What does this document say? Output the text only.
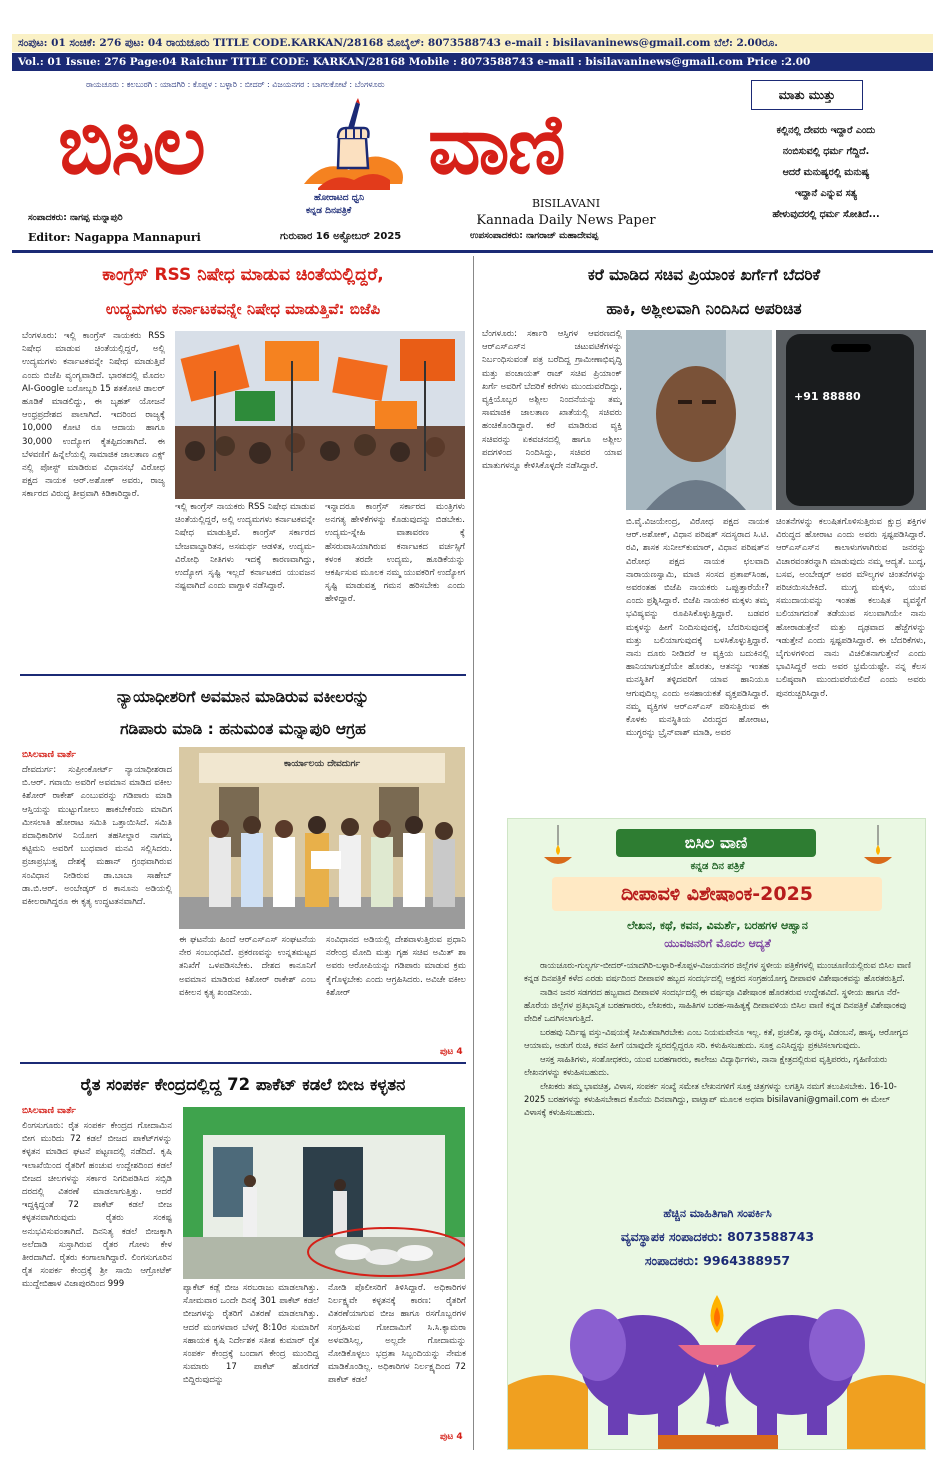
ಸಂಪುಟ: 01 ಸಂಚಿಕೆ: 276 ಪುಟ: 04 ರಾಯಚೂರು TITLE CODE.KARKAN/28168 ಮೊಬೈಲ್: 8073588743 e-mail : bisilavaninews@gmail.com ಬೆಲೆ: 2.00ರೂ.
Vol.: 01 Issue: 276 Page:04 Raichur TITLE CODE: KARKAN/28168 Mobile : 8073588743 e-mail : bisilavaninews@gmail.com Price :2.00
ರಾಯಚೂರು : ಕಲಬುರಗಿ : ಯಾದಗಿರಿ : ಕೊಪ್ಪಳ : ಬಳ್ಳಾರಿ : ಬೀದರ್ : ವಿಜಯನಗರ : ಬಾಗಲಕೋಟೆ : ಬೆಂಗಳೂರು
ಬಿಸಿಲ	ವಾಣಿ
ಹೋರಾಟದ ಧ್ವನಿ
ಕನ್ನಡ ದಿನಪತ್ರಿಕೆ
BISILAVANI
Kannada Daily News Paper
ಸಂಪಾದಕರು: ನಾಗಪ್ಪ ಮನ್ನಾಪುರಿ
Editor: Nagappa Mannapuri	ಗುರುವಾರ 16 ಅಕ್ಟೋಬರ್ 2025	ಉಪಸಂಪಾದಕರು: ನಾಗರಾಜ್ ಮಹಾದೇವಪ್ಪ
ಮಾತು ಮುತ್ತು
ಕಲ್ಲಿನಲ್ಲಿ ದೇವರು ಇದ್ದಾರೆ ಎಂದು
ನಂಬಿಸುವಲ್ಲಿ ಧರ್ಮ ಗೆದ್ದಿದೆ.
ಆದರೆ ಮನುಷ್ಯರಲ್ಲಿ ಮನುಷ್ಯ
ಇದ್ದಾನೆ ಎನ್ನುವ ಸತ್ಯ
ಹೇಳುವುದರಲ್ಲಿ ಧರ್ಮ ಸೋತಿದೆ...
ಕಾಂಗ್ರೆಸ್ RSS ನಿಷೇಧ ಮಾಡುವ ಚಿಂತೆಯಲ್ಲಿದ್ದರೆ,
ಉದ್ಯಮಗಳು ಕರ್ನಾಟಕವನ್ನೇ ನಿಷೇಧ ಮಾಡುತ್ತಿವೆ: ಬಿಜೆಪಿ
ಬೆಂಗಳೂರು: ಇಲ್ಲಿ ಕಾಂಗ್ರೆಸ್ ನಾಯಕರು RSS ನಿಷೇಧ ಮಾಡುವ ಚಿಂತೆಯಲ್ಲಿದ್ದರೆ, ಅಲ್ಲಿ ಉದ್ಯಮಗಳು ಕರ್ನಾಟಕವನ್ನೇ ನಿಷೇಧ ಮಾಡುತ್ತಿವೆ ಎಂದು ಬಿಜೆಪಿ ವ್ಯಂಗ್ಯವಾಡಿದೆ. ಭಾರತದಲ್ಲಿ ಮೊದಲ AI-Google ಬರೋಬ್ಬರಿ 15 ಶತಕೋಟಿ ಡಾಲರ್ ಹೂಡಿಕೆ ಮಾಡಲಿದ್ದು, ಈ ಬೃಹತ್ ಯೋಜನೆ ಆಂಧ್ರಪ್ರದೇಶದ ಪಾಲಾಗಿದೆ. ಇದರಿಂದ ರಾಜ್ಯಕ್ಕೆ 10,000 ಕೋಟಿ ರೂ ಆದಾಯ ಹಾಗೂ 30,000 ಉದ್ಯೋಗ ಕೈತಪ್ಪಿದಂತಾಗಿದೆ. ಈ ಬೆಳವಣಿಗೆ ಹಿನ್ನೆಲೆಯಲ್ಲಿ ಸಾಮಾಜಿಕ ಜಾಲತಾಣ ಎಕ್ಸ್ ನಲ್ಲಿ ಪೋಸ್ಟ್ ಮಾಡಿರುವ ವಿಧಾನಸಭೆ ವಿರೋಧ ಪಕ್ಷದ ನಾಯಕ ಆರ್.ಅಶೋಕ್ ಅವರು, ರಾಜ್ಯ ಸರ್ಕಾರದ ವಿರುದ್ಧ ತೀವ್ರವಾಗಿ ಕಿಡಿಕಾರಿದ್ದಾರೆ.
ಇಲ್ಲಿ ಕಾಂಗ್ರೆಸ್ ನಾಯಕರು RSS ನಿಷೇಧ ಮಾಡುವ ಚಿಂತೆಯಲ್ಲಿದ್ದರೆ, ಅಲ್ಲಿ ಉದ್ಯಮಗಳು ಕರ್ನಾಟಕವನ್ನೇ ನಿಷೇಧ ಮಾಡುತ್ತಿವೆ. ಕಾಂಗ್ರೆಸ್ ಸರ್ಕಾರದ ಬೇಜವಾಬ್ದಾರಿತನ, ಅಸಮರ್ಥ ಆಡಳಿತ, ಉದ್ಯಮ-ವಿರೋಧಿ ನೀತಿಗಳು ಇದಕ್ಕೆ ಕಾರಣವಾಗಿದ್ದು, ಉದ್ಯೋಗ ಸೃಷ್ಟಿ ಇಲ್ಲದೆ ಕರ್ನಾಟಕದ ಯುವಜನ ನಷ್ಟವಾಗಿದೆ ಎಂದು ವಾಗ್ದಾಳಿ ನಡೆಸಿದ್ದಾರೆ.
ಇನ್ನಾದರೂ ಕಾಂಗ್ರೆಸ್ ಸರ್ಕಾರದ ಮಂತ್ರಿಗಳು ಅನಗತ್ಯ ಹೇಳಿಕೆಗಳನ್ನು ಕೊಡುವುದನ್ನು ಬಿಡಬೇಕು. ಉದ್ಯಮ-ಸ್ನೇಹಿ ವಾತಾವರಣ ಕ್ಕೆ ಹೆಸರುವಾಸಿಯಾಗಿರುವ ಕರ್ನಾಟಕದ ವರ್ಚಸ್ಸಿಗೆ ಕಳಂಕ ತರದೇ ಉದ್ಯಮ, ಹೂಡಿಕೆಯನ್ನು ಆಕರ್ಷಿಸುವ ಮೂಲಕ ನಮ್ಮ ಯುವಕರಿಗೆ ಉದ್ಯೋಗ ಸೃಷ್ಟಿ ಮಾಡುವತ್ತ ಗಮನ ಹರಿಸಬೇಕು ಎಂದು ಹೇಳಿದ್ದಾರೆ.
ನ್ಯಾಯಾಧೀಶರಿಗೆ ಅವಮಾನ ಮಾಡಿರುವ ವಕೀಲರನ್ನು
ಗಡಿಪಾರು ಮಾಡಿ : ಹನುಮಂತ ಮನ್ನಾಪುರಿ ಆಗ್ರಹ
ಬಿಸಿಲವಾಣಿ ವಾರ್ತೆ
ದೇವದುರ್ಗ: ಸುಪ್ರೀಂಕೋರ್ಟ್ ನ್ಯಾಯಾಧೀಶರಾದ ಬಿ.ಆರ್. ಗವಾಯಿ ಅವರಿಗೆ ಅವಮಾನ ಮಾಡಿದ ವಕೀಲ ಕಿಶೋರ್ ರಾಕೇಶ್ ಎಂಬುವರನ್ನು ಗಡಿಪಾರು ಮಾಡಿ ಆಸ್ತಿಯನ್ನು ಮುಟ್ಟುಗೋಲು ಹಾಕಬೇಕೆಂದು ಮಾದಿಗ ಮೀಸಲಾತಿ ಹೋರಾಟ ಸಮಿತಿ ಒತ್ತಾಯಿಸಿದೆ. ಸಮಿತಿ ಪದಾಧಿಕಾರಿಗಳ ನಿಯೋಗ ತಹಸೀಲ್ದಾರ ನಾಗಮ್ಮ ಕಟ್ಟಿಮನಿ ಅವರಿಗೆ ಬುಧವಾರ ಮನವಿ ಸಲ್ಲಿಸಿದರು. ಪ್ರಜಾಪ್ರಭುತ್ವ ದೇಶಕ್ಕೆ ಮಹಾನ್ ಗ್ರಂಥವಾಗಿರುವ ಸಂವಿಧಾನ ನೀಡಿರುವ ಡಾ.ಬಾಬಾ ಸಾಹೇಬ್ ಡಾ.ಬಿ.ಆರ್. ಅಂಬೇಡ್ಕರ್ ರ ಕಾನೂನು ಅಡಿಯಲ್ಲಿ ವಕೀಲರಾಗಿದ್ದರೂ ಈ ಕೃತ್ಯ ಉದ್ಧಟತನವಾಗಿದೆ.
ಕಾರ್ಯಾಲಯ ದೇವದುರ್ಗ
ಈ ಘಟನೆಯ ಹಿಂದೆ ಆರ್‌ಎಸ್‌ಎಸ್ ಸಂಘಟನೆಯ ನೇರ ಸಂಬಂಧವಿದೆ. ಪ್ರಕರಣವನ್ನು ಉನ್ನತಮಟ್ಟದ ತನಿಖೆಗೆ ಒಳಪಡಿಸಬೇಕು. ದೇಶದ ಕಾನೂನಿಗೆ ಅವಮಾನ ಮಾಡಿರುವ ಕಿಶೋರ್ ರಾಕೇಶ್ ಎಂಬ ವಕೀಲನ ಕೃತ್ಯ ಖಂಡನೀಯ.
ಸಂವಿಧಾನದ ಅಡಿಯಲ್ಲಿ ದೇಶವಾಳುತ್ತಿರುವ ಪ್ರಧಾನಿ ನರೇಂದ್ರ ಮೋದಿ ಮತ್ತು ಗೃಹ ಸಚಿವ ಅಮಿತ್ ಶಾ ಅವರು ಆರೋಪಿಯನ್ನು ಗಡಿಪಾರು ಮಾಡುವ ಕ್ರಮ ಕೈಗೊಳ್ಳಬೇಕು ಎಂದು ಆಗ್ರಹಿಸಿದರು. ಅವಿಚೇ ವಕೀಲ ಕಿಶೋರ್
ಪುಟ 4
ರೈತ ಸಂಪರ್ಕ ಕೇಂದ್ರದಲ್ಲಿದ್ದ 72 ಪಾಕೆಟ್ ಕಡಲೆ ಬೀಜ ಕಳ್ಳತನ
ಬಿಸಿಲವಾಣಿ ವಾರ್ತೆ
ಲಿಂಗಸುಗೂರು: ರೈತ ಸಂಪರ್ಕ ಕೇಂದ್ರದ ಗೋದಾಮಿನ ಬೀಗ ಮುರಿದು 72 ಕಡಲೆ ಬೀಜದ ಪಾಕೆಟ್‌ಗಳನ್ನು ಕಳ್ಳತನ ಮಾಡಿದ ಘಟನೆ ಪಟ್ಟಣದಲ್ಲಿ ನಡೆದಿದೆ. ಕೃಷಿ ಇಲಾಖೆಯಿಂದ ರೈತರಿಗೆ ಹಂಚುವ ಉದ್ದೇಶದಿಂದ ಕಡಲೆ ಬೀಜದ ಚೀಲಗಳನ್ನು ಸರ್ಕಾರ ನಿಗದಿಪಡಿಸಿದ ಸಬ್ಸಿಡಿ ದರದಲ್ಲಿ ವಿತರಣೆ ಮಾಡಲಾಗುತ್ತಿತ್ತು. ಆದರೆ ಇದ್ದಕ್ಕಿದ್ದಂತೆ 72 ಪಾಕೆಟ್ ಕಡಲೆ ಬೀಜ ಕಳ್ಳತನವಾಗಿರುವುದು ರೈತರು ಸಂಕಷ್ಟ ಅನುಭವಿಸುವಂತಾಗಿದೆ. ದಿನನಿತ್ಯ ಕಡಲೆ ಬೀಜಕ್ಕಾಗಿ ಅಲೆದಾಡಿ ಸುಸ್ತಾಗಿರುವ ರೈತರ ಗೋಳು ಕೇಳ ತೀರದಾಗಿದೆ. ರೈತರು ಕಂಗಾಲಾಗಿದ್ದಾರೆ. ಲಿಂಗಸುಗೂರಿನ ರೈತ ಸಂಪರ್ಕ ಕೇಂದ್ರಕ್ಕೆ ಶ್ರೀ ಸಾಯಿ ಆಗ್ರೋಟೆಕ್ ಮುದ್ದೇಬಿಹಾಳ ವಿಜಾಪುರದಿಂದ 999	ಪ್ಯಾಕೆಟ್ ಕಡ್ಲೆ ಬೀಜ ಸರಬರಾಜು ಮಾಡಲಾಗಿತ್ತು. ಸೋಮವಾರ ಒಂದೇ ದಿನಕ್ಕೆ 301 ಪಾಕೆಟ್ ಕಡಲೆ ಬೀಜಗಳನ್ನು ರೈತರಿಗೆ ವಿತರಣೆ ಮಾಡಲಾಗಿತ್ತು. ಆದರೆ ಮಂಗಳವಾರ ಬೆಳಗ್ಗೆ 8:10ರ ಸುಮಾರಿಗೆ ಸಹಾಯಕ ಕೃಷಿ ನಿರ್ದೇಶಕ ಸತೀಶ ಕುಮಾರ್ ರೈತ ಸಂಪರ್ಕ ಕೇಂದ್ರಕ್ಕೆ ಬಂದಾಗ ಕೇಂದ್ರ ಮುಂದಿದ್ದ ಸುಮಾರು 17 ಪಾಕೆಟ್ ಹೊರಗಡೆ ಬಿದ್ದಿರುವುದನ್ನು
ನೋಡಿ ಪೊಲೀಸರಿಗೆ ತಿಳಿಸಿದ್ದಾರೆ. ಅಧಿಕಾರಿಗಳ ನಿರ್ಲಕ್ಷ್ಯವೇ ಕಳ್ಳತನಕ್ಕೆ ಕಾರಣ: ರೈತರಿಗೆ ವಿತರಣೆಯಾಗುವ ಬೀಜ ಹಾಗೂ ರಸಗೊಬ್ಬರಗಳ ಸಂಗ್ರಹಿಸುವ ಗೋದಾಮಿಗೆ ಸಿ.ಸಿ.ಕ್ಯಾಮರಾ ಅಳವಡಿಸಿಲ್ಲ, ಅಲ್ಲದೇ ಗೋದಾಮನ್ನು ನೋಡಿಕೊಳ್ಳಲು ಭದ್ರತಾ ಸಿಬ್ಬಂದಿಯನ್ನು ನೇಮಕ ಮಾಡಿಕೊಂಡಿಲ್ಲ. ಅಧಿಕಾರಿಗಳ ನಿರ್ಲಕ್ಷ್ಯದಿಂದ 72 ಪಾಕೆಟ್ ಕಡಲೆ
ಪುಟ 4
ಕರೆ ಮಾಡಿದ ಸಚಿವ ಪ್ರಿಯಾಂಕ ಖರ್ಗೆಗೆ ಬೆದರಿಕೆ
ಹಾಕಿ, ಅಶ್ಲೀಲವಾಗಿ ನಿಂದಿಸಿದ ಅಪರಿಚಿತ
ಬೆಂಗಳೂರು: ಸರ್ಕಾರಿ ಆಸ್ತಿಗಳ ಆವರಣದಲ್ಲಿ ಆರ್‌ಎಸ್‌ಎಸ್‌ನ ಚಟುವಟಿಕೆಗಳನ್ನು ನಿರ್ಬಂಧಿಸುವಂತೆ ಪತ್ರ ಬರೆದಿದ್ದ ಗ್ರಾಮೀಣಾಭಿವೃದ್ಧಿ ಮತ್ತು ಪಂಚಾಯತ್ ರಾಜ್ ಸಚಿವ ಪ್ರಿಯಾಂಕ್ ಖರ್ಗೆ ಅವರಿಗೆ ಬೆದರಿಕೆ ಕರೆಗಳು ಮುಂದುವರೆದಿದ್ದು, ವ್ಯಕ್ತಿಯೊಬ್ಬರ ಅಶ್ಲೀಲ ನಿಂದನೆಯನ್ನು ತಮ್ಮ ಸಾಮಾಜಿಕ ಜಾಲತಾಣ ಖಾತೆಯಲ್ಲಿ ಸಚಿವರು ಹಂಚಿಕೊಂಡಿದ್ದಾರೆ. ಕರೆ ಮಾಡಿರುವ ವ್ಯಕ್ತಿ ಸಚಿವರನ್ನು ಏಕವಚನದಲ್ಲಿ ಹಾಗೂ ಅಶ್ಲೀಲ ಪದಗಳಿಂದ ನಿಂದಿಸಿದ್ದು, ಸಚಿವರ ಯಾವ ಮಾತುಗಳನ್ನೂ ಕೇಳಿಸಿಕೊಳ್ಳದೇ ನಡೆಸಿದ್ದಾರೆ.
+91 88880
ಬಿ.ವೈ.ವಿಜಯೇಂದ್ರ, ವಿರೋಧ ಪಕ್ಷದ ನಾಯಕ ಆರ್.ಅಶೋಕ್, ವಿಧಾನ ಪರಿಷತ್ ಸದಸ್ಯರಾದ ಸಿ.ಟಿ. ರವಿ, ಶಾಸಕ ಸುನೀಲ್‌ಕುಮಾರ್, ವಿಧಾನ ಪರಿಷತ್‌ನ ವಿರೋಧ ಪಕ್ಷದ ನಾಯಕ ಛಲವಾದಿ ನಾರಾಯಣಸ್ವಾಮಿ, ಮಾಜಿ ಸಂಸದ ಪ್ರತಾಪ್‌ಸಿಂಹ, ಅವರಂತಹ ಬಿಜೆಪಿ ನಾಯಕರು ಒಪ್ಪುತ್ತಾರೆಯೇ? ಎಂದು ಪ್ರಶ್ನಿಸಿದ್ದಾರೆ. ಬಿಜೆಪಿ ನಾಯಕರ ಮಕ್ಕಳು ತಮ್ಮ ಭವಿಷ್ಯವನ್ನು ರೂಪಿಸಿಕೊಳ್ಳುತ್ತಿದ್ದಾರೆ. ಬಡವರ ಮಕ್ಕಳನ್ನು ಹೀಗೆ ನಿಂದಿಸುವುದಕ್ಕೆ, ಬೆದರಿಸುವುದಕ್ಕೆ ಮತ್ತು ಬಲಿಯಾಗುವುದಕ್ಕೆ ಬಳಸಿಕೊಳ್ಳುತ್ತಿದ್ದಾರೆ. ನಾನು ದೂರು ನೀಡಿದರೆ ಆ ವ್ಯಕ್ತಿಯ ಬದುಕಿನಲ್ಲಿ ಹಾನಿಯಾಗುತ್ತದೆಯೇ ಹೊರತು, ಆತನನ್ನು ಇಂತಹ ಮನಸ್ಥಿತಿಗೆ ತಳ್ಳಿದವರಿಗೆ ಯಾವ ಹಾನಿಯೂ ಆಗುವುದಿಲ್ಲ ಎಂದು ಅಸಹಾಯಕತೆ ವ್ಯಕ್ತಪಡಿಸಿದ್ದಾರೆ. ನಮ್ಮ ವ್ಯಕ್ತಿಗಳ ಆರ್‌ಎಸ್‌ಎಸ್ ಪಠಿಸುತ್ತಿರುವ ಈ ಕೊಳಕು ಮನಸ್ಥಿತಿಯ ವಿರುದ್ಧದ ಹೋರಾಟ, ಮುಗ್ಧರನ್ನು ಬ್ರೈನ್‌ವಾಶ್ ಮಾಡಿ, ಅವರ
ಚಿಂತನೆಗಳನ್ನು ಕಲುಷಿತಗೊಳಿಸುತ್ತಿರುವ ಕ್ಷುದ್ರ ಶಕ್ತಿಗಳ ವಿರುದ್ಧದ ಹೋರಾಟ ಎಂದು ಅವರು ಸ್ಪಷ್ಟಪಡಿಸಿದ್ದಾರೆ. ಆರ್‌ಎಸ್‌ಎಸ್‌ನ ಕಾಲಾಳುಗಳಾಗಿರುವ ಜನರನ್ನು ವಿಚಾರವಂತರನ್ನಾಗಿ ಮಾಡುವುದು ನಮ್ಮ ಆದ್ಯತೆ. ಬುದ್ಧ, ಬಸವ, ಅಂಬೇಡ್ಕರ್ ಅವರ ಮೌಲ್ಯಗಳ ಚಿಂತನೆಗಳನ್ನು ಪರಿಚಯಿಸಬೇಕಿದೆ. ಮುಗ್ಧ ಮಕ್ಕಳು, ಯುವ ಸಮುದಾಯವನ್ನು ಇಂತಹ ಕಲುಷಿತ ವ್ಯವಸ್ಥೆಗೆ ಬಲಿಯಾಗದಂತೆ ತಡೆಯುವ ಸಲುವಾಗಿಯೇ ನಾನು ಹೋರಾಡುತ್ತೇನೆ ಮತ್ತು ದೃಢವಾದ ಹೆಜ್ಜೆಗಳನ್ನು ಇಡುತ್ತೇನೆ ಎಂದು ಸ್ಪಷ್ಟಪಡಿಸಿದ್ದಾರೆ. ಈ ಬೆದರಿಕೆಗಳು, ಬೈಗುಳಗಳಿಂದ ನಾನು ವಿಚಲಿತನಾಗುತ್ತೇನೆ ಎಂದು ಭಾವಿಸಿದ್ದರೆ ಅದು ಅವರ ಭ್ರಮೆಯಷ್ಟೇ. ನನ್ನ ಕೆಲಸ ಬಲಿಷ್ಠವಾಗಿ ಮುಂದುವರೆಯಲಿದೆ ಎಂದು ಅವರು ಪುನರುಚ್ಚರಿಸಿದ್ದಾರೆ.
ಬಿಸಿಲ ವಾಣಿ
ಕನ್ನಡ ದಿನ ಪತ್ರಿಕೆ
ದೀಪಾವಳಿ ವಿಶೇಷಾಂಕ-2025
ಲೇಖನ, ಕಥೆ, ಕವನ, ವಿಮರ್ಶೆ, ಬರಹಗಳ ಆಹ್ವಾನ
ಯುವಜನರಿಗೆ ಮೊದಲ ಆದ್ಯತೆ

ರಾಯಚೂರು-ಗುಲ್ಬರ್ಗ-ಬೀದರ್-ಯಾದಗಿರಿ-ಬಳ್ಳಾರಿ-ಕೊಪ್ಪಳ-ವಿಜಯನಗರ ಜಿಲ್ಲೆಗಳ ಸ್ಥಳೀಯ ಪತ್ರಿಕೆಗಳಲ್ಲಿ ಮುಂಚೂಣಿಯಲ್ಲಿರುವ ಬಿಸಿಲ ವಾಣಿ ಕನ್ನಡ ದಿನಪತ್ರಿಕೆ ಕಳೆದ ಎರಡು ವರ್ಷದಿಂದ ದೀಪಾವಳಿ ಹಬ್ಬದ ಸಂದರ್ಭದಲ್ಲಿ ಅಕ್ಷರದ ಸಂಗ್ರಹಯೋಗ್ಯ ದೀಪಾವಳಿ ವಿಶೇಷಾಂಕವನ್ನು ಹೊರತರುತ್ತಿದೆ.

ನಾಡಿನ ಜನರ ಸಡಗರದ ಹಬ್ಬವಾದ ದೀಪಾವಳಿ ಸಂದರ್ಭದಲ್ಲಿ ಈ ವರ್ಷವೂ ವಿಶೇಷಾಂಕ ಹೊರತರುವ ಉದ್ದೇಶವಿದೆ. ಸ್ಥಳೀಯ ಹಾಗೂ ನೆರೆ-ಹೊರೆಯ ಜಿಲ್ಲೆಗಳ ಪ್ರತಿಭಾನ್ವಿತ ಬರಹಗಾರರು, ಲೇಖಕರು, ಸಾಹಿತಿಗಳ ಬರಹ-ಸಾಹಿತ್ಯಕ್ಕೆ ದೀಪಾವಳಿಯ ಬಿಸಿಲ ವಾಣಿ ಕನ್ನಡ ದಿನಪತ್ರಿಕೆ ವಿಶೇಷಾಂಕವು ವೇದಿಕೆ ಒದಗಿಸಲಾಗುತ್ತಿದೆ.

ಬರಹವು ನಿರ್ದಿಷ್ಟ ವಸ್ತು-ವಿಷಯಕ್ಕೆ ಸೀಮಿತವಾಗಿರಬೇಕು ಎಂಬ ನಿಯಮವೇನೂ ಇಲ್ಲ. ಕತೆ, ಪ್ರಚಲಿತ, ಸ್ವಾರಸ್ಯ, ವಿಡಂಬನೆ, ಹಾಸ್ಯ, ಆರೋಗ್ಯದ ಆಯಾಮ, ಅಡುಗೆ ರುಚಿ, ಕವನ ಹೀಗೆ ಯಾವುದೇ ಸ್ವರದಲ್ಲಿದ್ದರೂ ಸರಿ. ಕಳುಹಿಸಬಹುದು. ಸೂಕ್ತ ಎನಿಸಿದ್ದನ್ನು ಪ್ರಕಟಿಸಲಾಗುವುದು.

ಆಸಕ್ತ ಸಾಹಿತಿಗಳು, ಸಂಶೋಧಕರು, ಯುವ ಬರಹಗಾರರು, ಕಾಲೇಜು ವಿದ್ಯಾರ್ಥಿಗಳು, ನಾನಾ ಕ್ಷೇತ್ರದಲ್ಲಿರುವ ವೃತ್ತಿಪರರು, ಗೃಹಿಣಿಯರು ಲೇಖನಗಳನ್ನು ಕಳುಹಿಸಬಹುದು.

ಲೇಖಕರು ತಮ್ಮ ಭಾವಚಿತ್ರ, ವಿಳಾಸ, ಸಂಪರ್ಕ ಸಂಖ್ಯೆ ಸಮೇತ ಲೇಖನಗಳಿಗೆ ಸೂಕ್ತ ಚಿತ್ರಗಳನ್ನು ಲಗತ್ತಿಸಿ ನಮಗೆ ತಲುಪಿಸಬೇಕು. 16-10-2025 ಬರಹಗಳನ್ನು ಕಳುಹಿಸಬೇಕಾದ ಕೊನೆಯ ದಿನವಾಗಿದ್ದು, ವಾಟ್ಸಾಪ್ ಮೂಲಕ ಅಥವಾ bisilavani@gmail.com ಈ ಮೇಲ್ ವಿಳಾಸಕ್ಕೆ ಕಳುಹಿಸಬಹುದು.

ಹೆಚ್ಚಿನ ಮಾಹಿತಿಗಾಗಿ ಸಂಪರ್ಕಿಸಿ
ವ್ಯವಸ್ಥಾಪಕ ಸಂಪಾದಕರು: 8073588743
ಸಂಪಾದಕರು: 9964388957
